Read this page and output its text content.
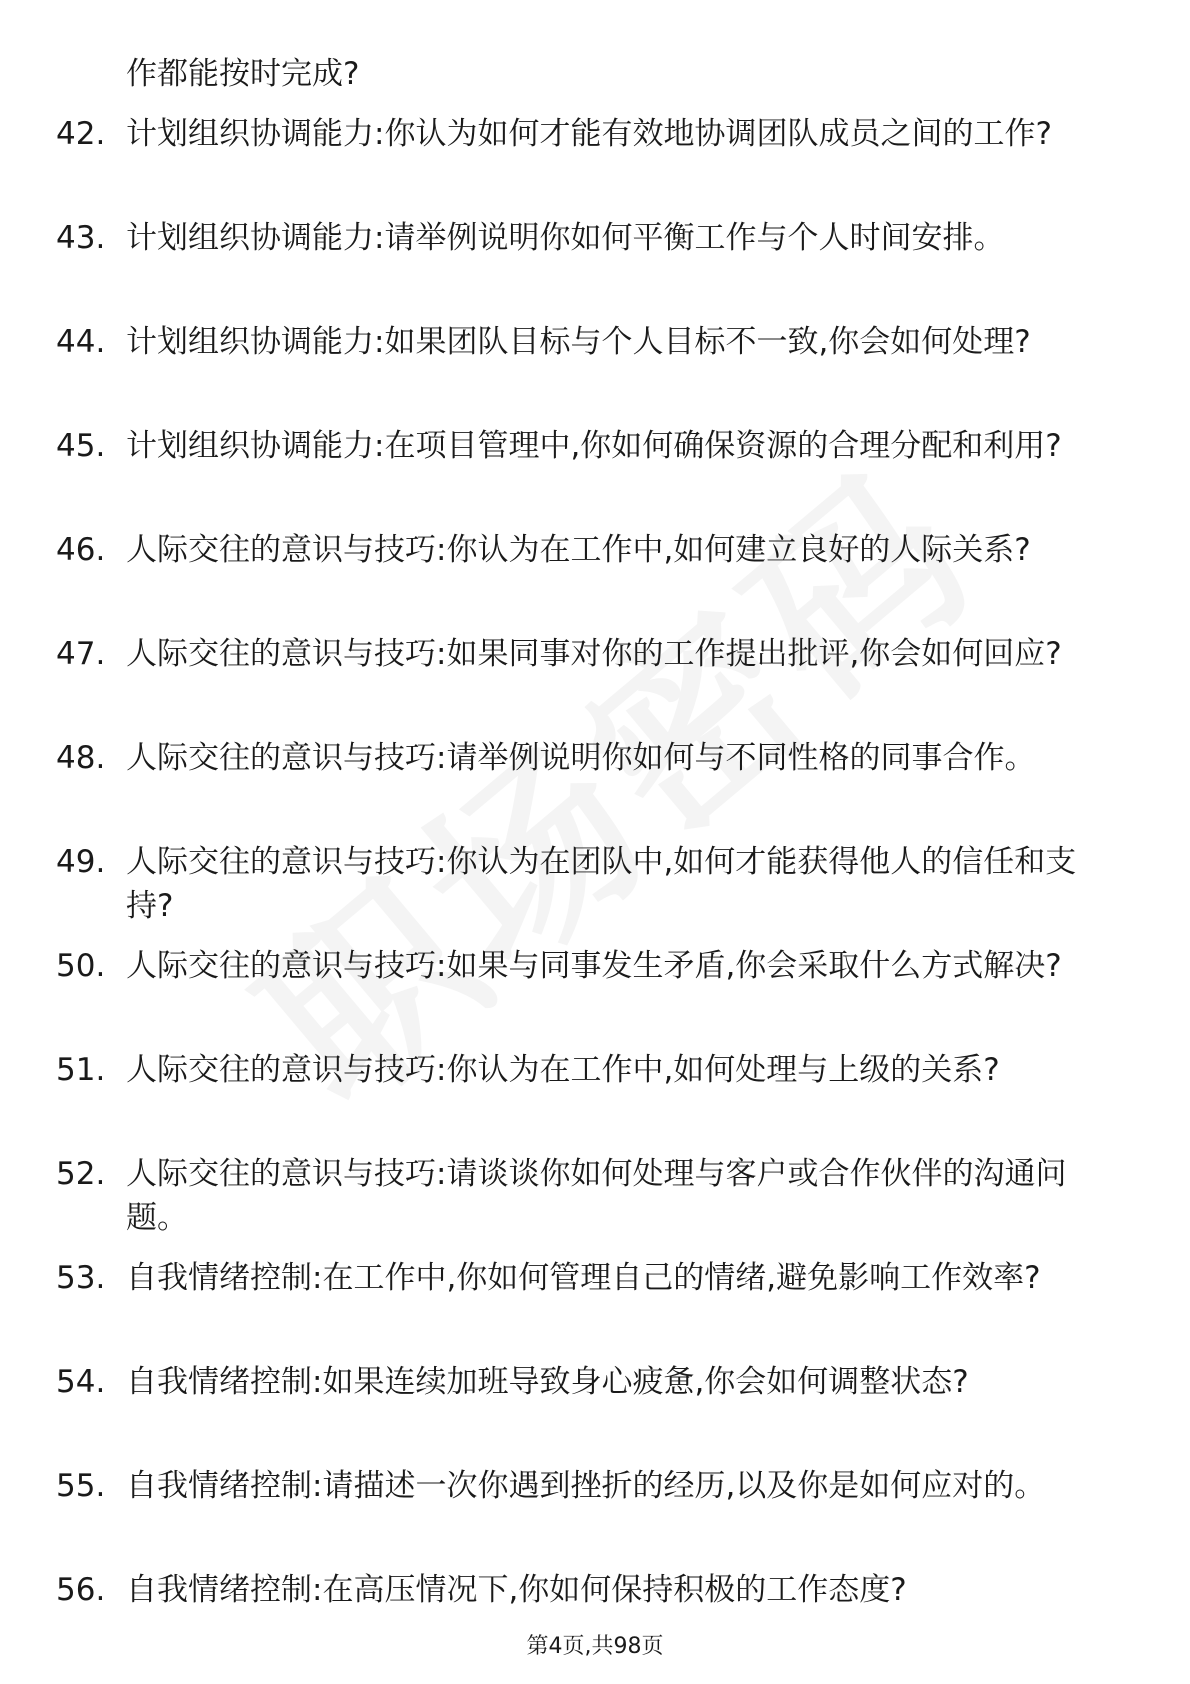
作都能按时完成?
42. 计划组织协调能力:你认为如何才能有效地协调团队成员之间的工作?
43. 计划组织协调能力:请举例说明你如何平衡工作与个人时间安排。
44. 计划组织协调能力:如果团队目标与个人目标不一致,你会如何处理?
45. 计划组织协调能力:在项目管理中,你如何确保资源的合理分配和利用?
46. 人际交往的意识与技巧:你认为在工作中,如何建立良好的人际关系?
47. 人际交往的意识与技巧:如果同事对你的工作提出批评,你会如何回应?
48. 人际交往的意识与技巧:请举例说明你如何与不同性格的同事合作。
49. 人际交往的意识与技巧:你认为在团队中,如何才能获得他人的信任和支持?
50. 人际交往的意识与技巧:如果与同事发生矛盾,你会采取什么方式解决?
51. 人际交往的意识与技巧:你认为在工作中,如何处理与上级的关系?
52. 人际交往的意识与技巧:请谈谈你如何处理与客户或合作伙伴的沟通问题。
53. 自我情绪控制:在工作中,你如何管理自己的情绪,避免影响工作效率?
54. 自我情绪控制:如果连续加班导致身心疲惫,你会如何调整状态?
55. 自我情绪控制:请描述一次你遇到挫折的经历,以及你是如何应对的。
56. 自我情绪控制:在高压情况下,你如何保持积极的工作态度?
第4页,共98页
